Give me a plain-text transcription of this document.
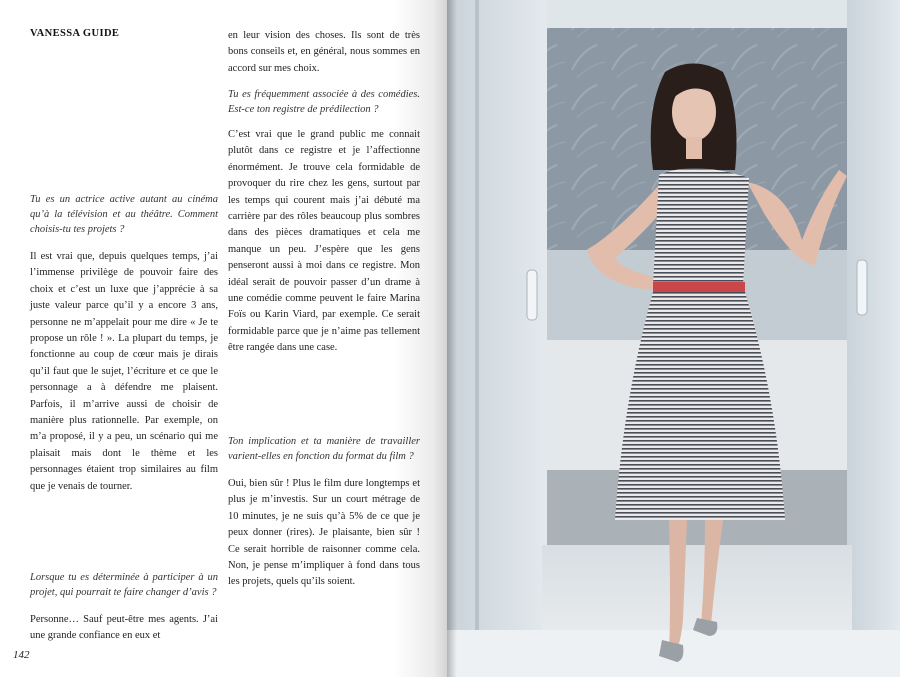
VANESSA GUIDE

Tu es un actrice active autant au cinéma qu’à la télévision et au théâtre. Comment choisis-tu tes projets ?

Il est vrai que, depuis quelques temps, j’ai l’immense privilège de pouvoir faire des choix et c’est un luxe que j’apprécie à sa juste valeur parce qu’il y a encore 3 ans, personne ne m’appelait pour me dire « Je te propose un rôle ! ». La plupart du temps, je fonctionne au coup de cœur mais je dirais qu’il faut que le sujet, l’écriture et ce que le personnage a à défendre me plaisent. Parfois, il m’arrive aussi de choisir de manière plus rationnelle. Par exemple, on m’a proposé, il y a peu, un scénario qui me plaisait mais dont le thème et les personnages étaient trop similaires au film que je venais de tourner.

Lorsque tu es déterminée à participer à un projet, qui pourrait te faire changer d’avis ?

Personne… Sauf peut-être mes agents. J’ai une grande confiance en eux et

en leur vision des choses. Ils sont de très bons conseils et, en général, nous sommes en accord sur mes choix.

Tu es fréquemment associée à des comédies. Est-ce ton registre de prédilection ?

C’est vrai que le grand public me connait plutôt dans ce registre et je l’affectionne énormément. Je trouve cela formidable de provoquer du rire chez les gens, surtout par les temps qui courent mais j’ai débuté ma carrière par des rôles beaucoup plus sombres dans des pièces dramatiques et cela me manque un peu. J’espère que les gens penseront aussi à moi dans ce registre. Mon idéal serait de pouvoir passer d’un drame à une comédie comme peuvent le faire Marina Foïs ou Karin Viard, par exemple. Ce serait formidable parce que je n’aime pas tellement être rangée dans une case.

Ton implication et ta manière de travailler varient-elles en fonction du format du film ?

Oui, bien sûr ! Plus le film dure longtemps et plus je m’investis. Sur un court métrage de 10 minutes, je ne suis qu’à 5% de ce que je peux donner (rires). Je plaisante, bien sûr ! Ce serait horrible de raisonner comme cela. Non, je pense m’impliquer à fond dans tous les projets, quels qu’ils soient.

142
